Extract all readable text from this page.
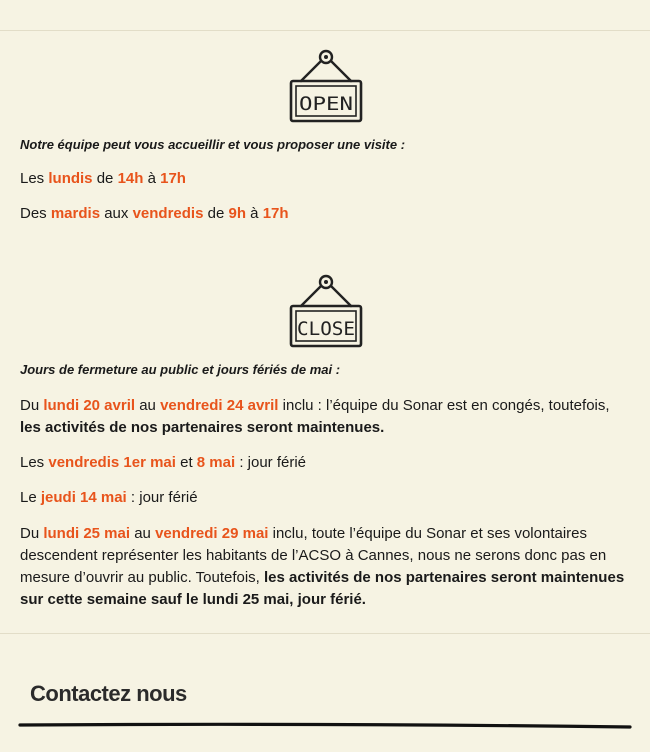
OPEN

Notre équipe peut vous accueillir et vous proposer une visite :

Les lundis de 14h à 17h

Des mardis aux vendredis de 9h à 17h

CLOSE

Jours de fermeture au public et jours fériés de mai :

Du lundi 20 avril au vendredi 24 avril inclu : l’équipe du Sonar est en congés, toutefois, les activités de nos partenaires seront maintenues.

Les vendredis 1er mai et 8 mai : jour férié

Le jeudi 14 mai : jour férié

Du lundi 25 mai au vendredi 29 mai inclu, toute l’équipe du Sonar et ses volontaires descendent représenter les habitants de l’ACSO à Cannes, nous ne serons donc pas en mesure d’ouvrir au public. Toutefois, les activités de nos partenaires seront maintenues sur cette semaine sauf le lundi 25 mai, jour férié.

Contactez nous
